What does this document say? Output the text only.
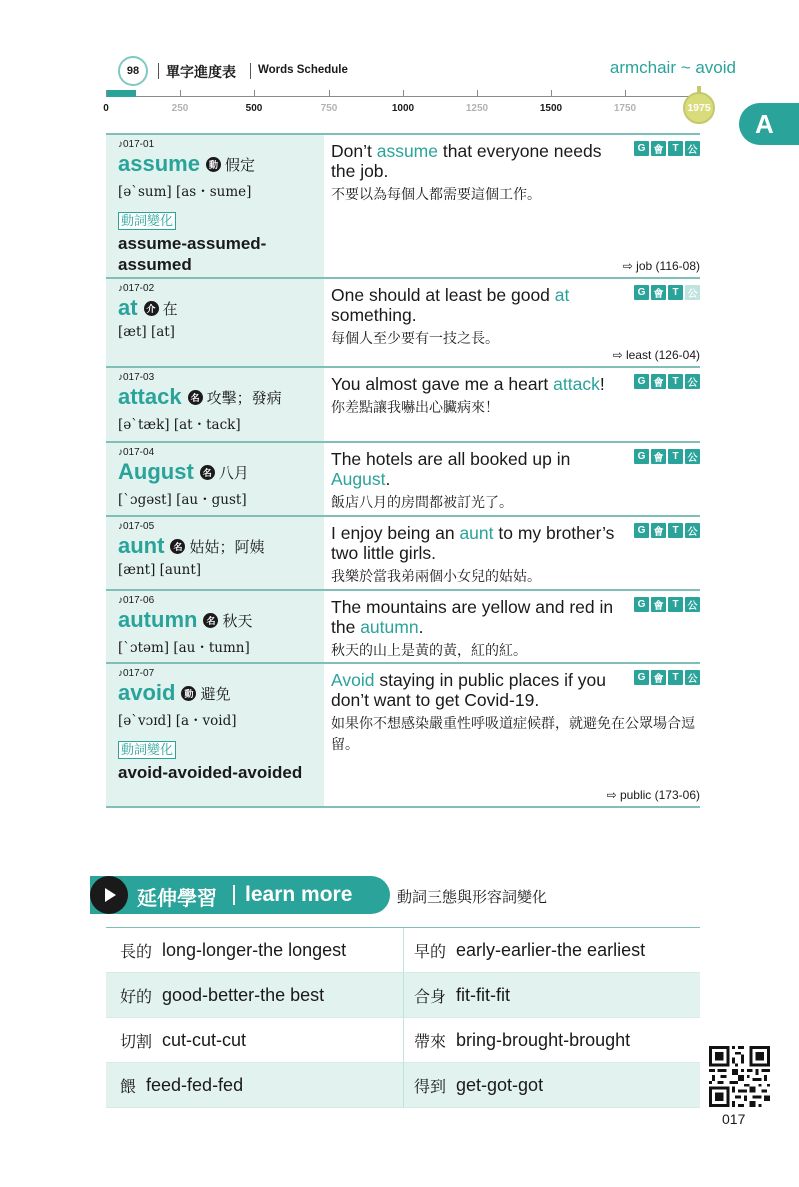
98	單字進度表 Words Schedule	armchair ~ avoid
0	250	500	750	1000	1250	1500	1750	1975
A
♪ 017-01
assume 動 假定
[əˋsum] [as・sume]
動詞變化
assume-assumed-assumed
Don’t assume that everyone needs the job.
不要以為每個人都需要這個工作。
G 會 T 公
⇨ job (116-08)
♪ 017-02
at 介 在
[æt] [at]
One should at least be good at something.
每個人至少要有一技之長。
G 會 T 公
⇨ least (126-04)
♪ 017-03
attack 名 攻擊；發病
[əˋtæk] [at・tack]
You almost gave me a heart attack!
你差點讓我嚇出心臟病來！
G 會 T 公
♪ 017-04
August 名 八月
[ˋɔgəst] [au・gust]
The hotels are all booked up in August.
飯店八月的房間都被訂光了。
G 會 T 公
♪ 017-05
aunt 名 姑姑；阿姨
[ænt] [aunt]
I enjoy being an aunt to my brother’s two little girls.
我樂於當我弟兩個小女兒的姑姑。
G 會 T 公
♪ 017-06
autumn 名 秋天
[ˋɔtəm] [au・tumn]
The mountains are yellow and red in the autumn.
秋天的山上是黃的黃，紅的紅。
G 會 T 公
♪ 017-07
avoid 動 避免
[əˋvɔɪd] [a・void]
動詞變化
avoid-avoided-avoided
Avoid staying in public places if you don’t want to get Covid-19.
如果你不想感染嚴重性呼吸道症候群，就避免在公眾場合逗留。
G 會 T 公
⇨ public (173-06)
延伸學習 learn more	動詞三態與形容詞變化
長的 long-longer-the longest	早的 early-earlier-the earliest
好的 good-better-the best	合身 fit-fit-fit
切割 cut-cut-cut	帶來 bring-brought-brought
餵 feed-fed-fed	得到 get-got-got
017
